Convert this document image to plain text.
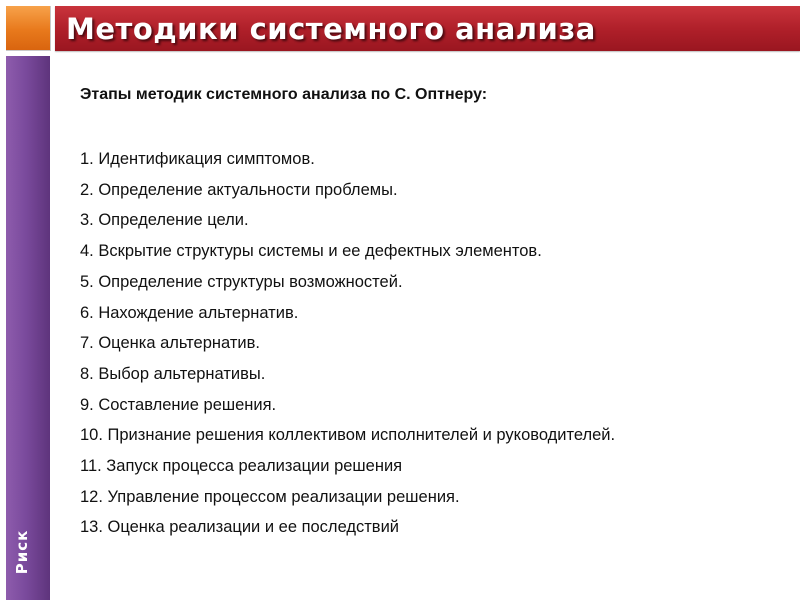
Методики системного анализа
Риск
Этапы методик системного анализа по С. Оптнеру:
1. Идентификация симптомов.
2. Определение актуальности проблемы.
3. Определение цели.
4. Вскрытие структуры системы и ее дефектных элементов.
5. Определение структуры возможностей.
6. Нахождение альтернатив.
7. Оценка альтернатив.
8. Выбор альтернативы.
9. Составление решения.
10. Признание решения коллективом исполнителей и руководителей.
11. Запуск процесса реализации решения
12. Управление процессом реализации решения.
13. Оценка реализации и ее последствий
